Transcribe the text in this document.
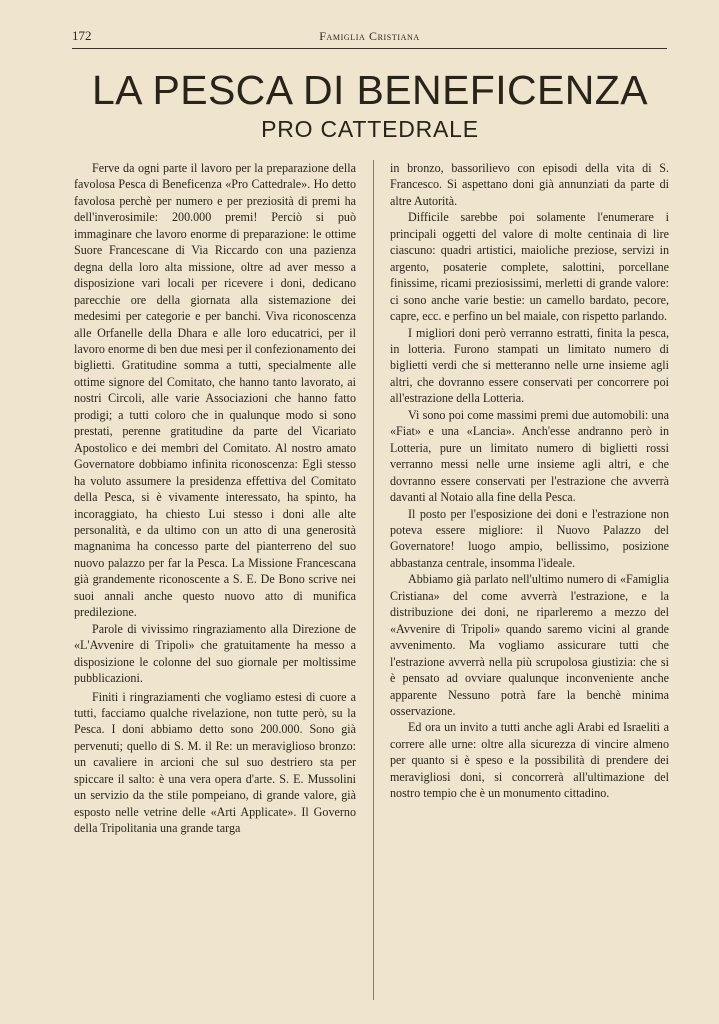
172	Famiglia Cristiana
LA PESCA DI BENEFICENZA
PRO CATTEDRALE

Ferve da ogni parte il lavoro per la preparazione della favolosa Pesca di Beneficenza «Pro Cattedrale». Ho detto favolosa perchè per numero e per preziosità di premi ha dell'inverosimile: 200.000 premi! Perciò si può immaginare che lavoro enorme di preparazione: le ottime Suore Francescane di Via Riccardo con una pazienza degna della loro alta missione, oltre ad aver messo a disposizione vari locali per ricevere i doni, dedicano parecchie ore della giornata alla sistemazione dei medesimi per categorie e per banchi. Viva riconoscenza alle Orfanelle della Dhara e alle loro educatrici, per il lavoro enorme di ben due mesi per il confezionamento dei biglietti. Gratitudine somma a tutti, specialmente alle ottime signore del Comitato, che hanno tanto lavorato, ai nostri Circoli, alle varie Associazioni che hanno fatto prodigi; a tutti coloro che in qualunque modo si sono prestati, perenne gratitudine da parte del Vicariato Apostolico e dei membri del Comitato. Al nostro amato Governatore dobbiamo infinita riconoscenza: Egli stesso ha voluto assumere la presidenza effettiva del Comitato della Pesca, si è vivamente interessato, ha spinto, ha incoraggiato, ha chiesto Lui stesso i doni alle alte personalità, e da ultimo con un atto di una generosità magnanima ha concesso parte del pianterreno del suo nuovo palazzo per far la Pesca. La Missione Francescana già grandemente riconoscente a S. E. De Bono scrive nei suoi annali anche questo nuovo atto di munifica predilezione.

Parole di vivissimo ringraziamento alla Direzione de «L'Avvenire di Tripoli» che gratuitamente ha messo a disposizione le colonne del suo giornale per moltissime pubblicazioni.

Finiti i ringraziamenti che vogliamo estesi di cuore a tutti, facciamo qualche rivelazione, non tutte però, su la Pesca. I doni abbiamo detto sono 200.000. Sono già pervenuti; quello di S. M. il Re: un meraviglioso bronzo: un cavaliere in arcioni che sul suo destriero sta per spiccare il salto: è una vera opera d'arte. S. E. Mussolini un servizio da the stile pompeiano, di grande valore, già esposto nelle vetrine delle «Arti Applicate». Il Governo della Tripolitania una grande targa

in bronzo, bassorilievo con episodi della vita di S. Francesco. Si aspettano doni già annunziati da parte di altre Autorità.

Difficile sarebbe poi solamente l'enumerare i principali oggetti del valore di molte centinaia di lire ciascuno: quadri artistici, maioliche preziose, servizi in argento, posaterie complete, salottini, porcellane finissime, ricami preziosissimi, merletti di grande valore: ci sono anche varie bestie: un camello bardato, pecore, capre, ecc. e perfino un bel maiale, con rispetto parlando.

I migliori doni però verranno estratti, finita la pesca, in lotteria. Furono stampati un limitato numero di biglietti verdi che si metteranno nelle urne insieme agli altri, che dovranno essere conservati per concorrere poi all'estrazione della Lotteria.

Vi sono poi come massimi premi due automobili: una «Fiat» e una «Lancia». Anch'esse andranno però in Lotteria, pure un limitato numero di biglietti rossi verranno messi nelle urne insieme agli altri, e che dovranno essere conservati per l'estrazione che avverrà davanti al Notaio alla fine della Pesca.

Il posto per l'esposizione dei doni e l'estrazione non poteva essere migliore: il Nuovo Palazzo del Governatore! luogo ampio, bellissimo, posizione abbastanza centrale, insomma l'ideale.

Abbiamo già parlato nell'ultimo numero di «Famiglia Cristiana» del come avverrà l'estrazione, e la distribuzione dei doni, ne riparleremo a mezzo del «Avvenire di Tripoli» quando saremo vicini al grande avvenimento. Ma vogliamo assicurare tutti che l'estrazione avverrà nella più scrupolosa giustizia: che si è pensato ad ovviare qualunque inconveniente anche apparente Nessuno potrà fare la benchè minima osservazione.

Ed ora un invito a tutti anche agli Arabi ed Israeliti a correre alle urne: oltre alla sicurezza di vincire almeno per quanto si è speso e la possibilità di prendere dei meravigliosi doni, si concorrerà all'ultimazione del nostro tempio che è un monumento cittadino.
